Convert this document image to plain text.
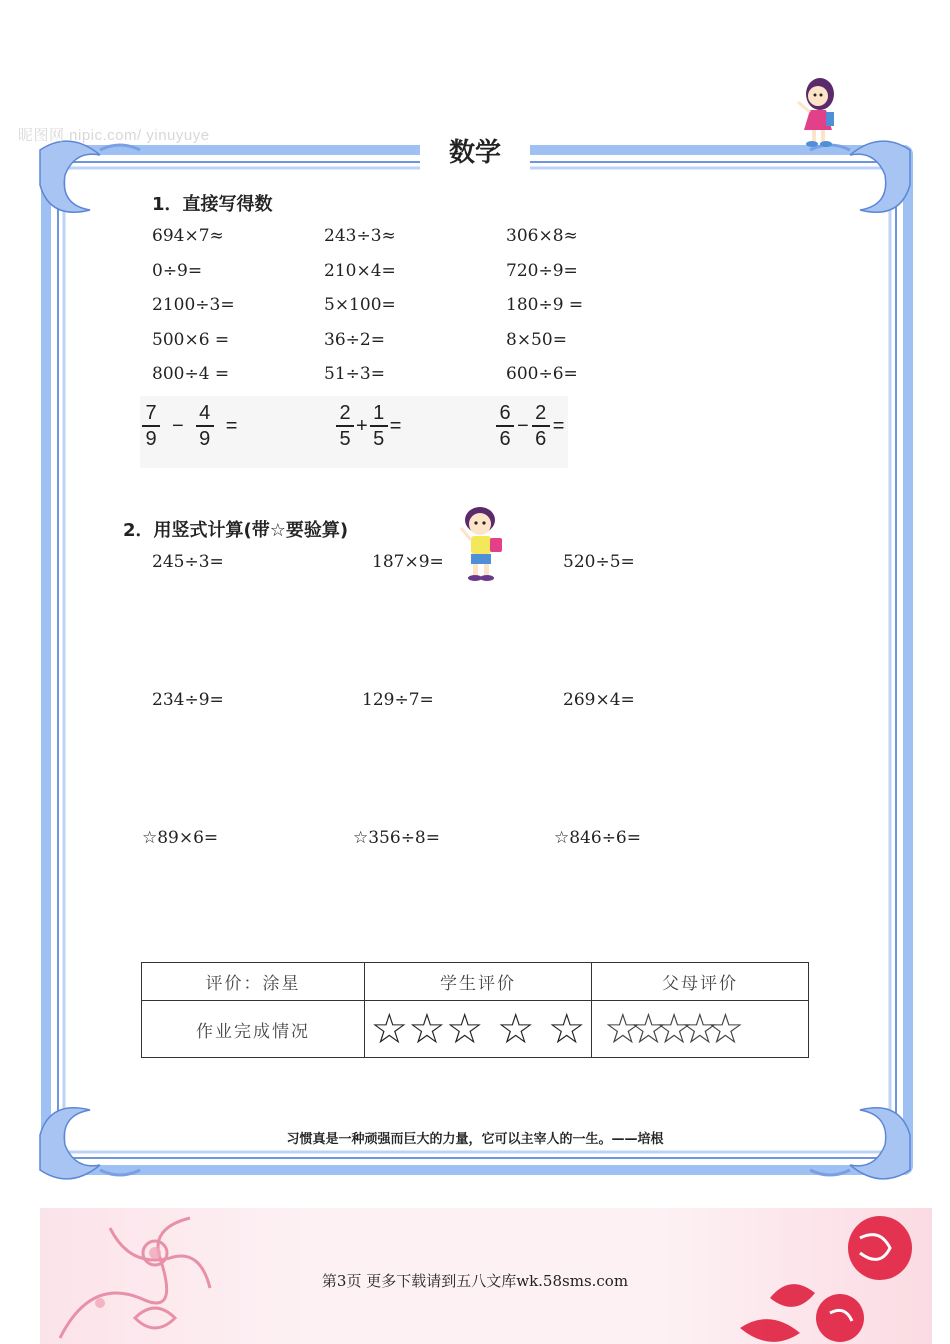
昵图网 nipic.com/ yinuyuye
数学
1．直接写得数
694×7≈	243÷3≈	306×8≈
0÷9=	210×4=	720÷9=
2100÷3=	5×100=	180÷9 =
500×6 =	36÷2=	8×50=
800÷4 =	51÷3=	600÷6=
$\frac{7}{9} - \frac{4}{9}$ =	$\frac{2}{5} + \frac{1}{5}$ =	$\frac{6}{6} - \frac{2}{6}$ =
2．用竖式计算(带☆要验算)
245÷3=	187×9=	520÷5=
234÷9=	129÷7=	269×4=
☆89×6=	☆356÷8=	☆846÷6=
评价：涂星	学生评价	父母评价
作业完成情况	☆☆☆ ☆ ☆	☆☆☆☆☆
习惯真是一种顽强而巨大的力量，它可以主宰人的一生。——培根
第3页 更多下载请到五八文库wk.58sms.com
